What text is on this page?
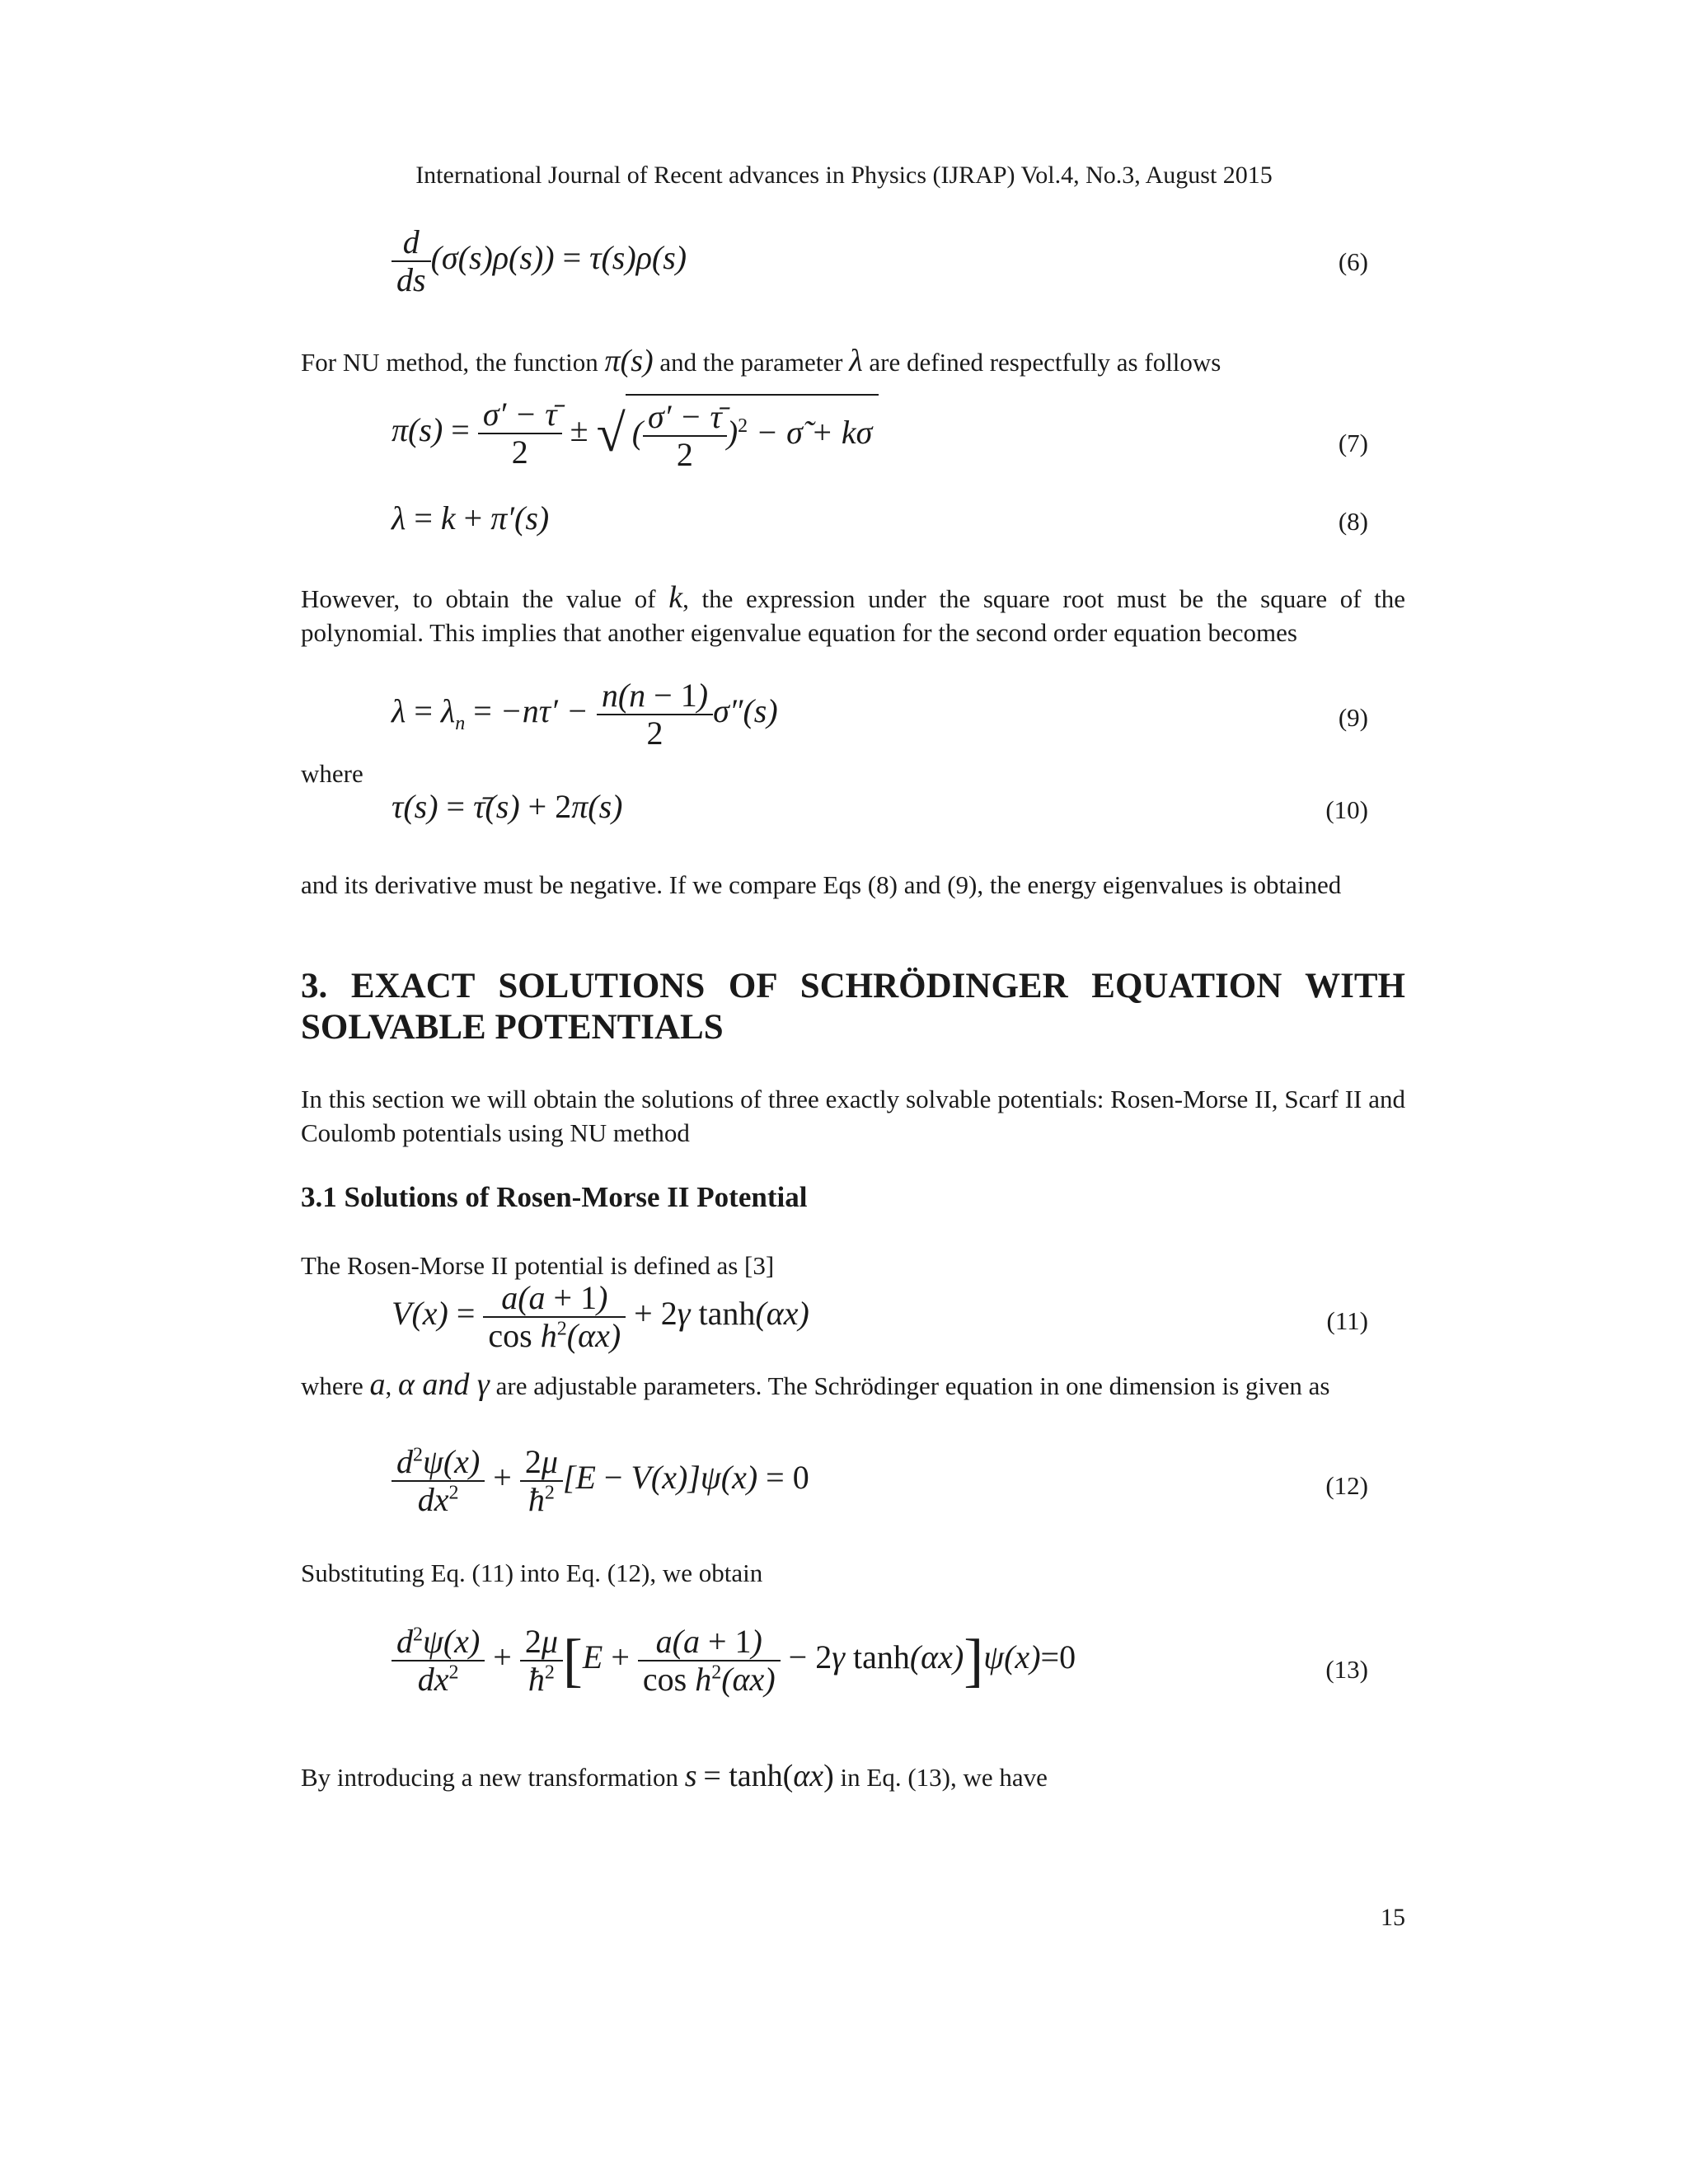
International Journal of Recent advances in Physics (IJRAP) Vol.4, No.3, August 2015
$\frac{d}{ds} (\sigma(s)\rho(s)) = \tau(s)\rho(s)$	(6)
For NU method, the function π(s) and the parameter λ are defined respectfully as follows
$\pi(s) = \frac{\sigma' - \taū}{2}$ ± √ ( $\frac{\sigma' - \taū}{2} )^2$ − σ̃ + kσ	(7)
λ = k + π′(s)	(8)
However, to obtain the value of k, the expression under the square root must be the square of the polynomial. This implies that another eigenvalue equation for the second order equation becomes
$\lambda = \lambda_n = -n\tau' - \frac{n(n - 1)}{2} \sigma''(s)$	(9)
where
τ(s) = τ̄(s) + 2π(s)	(10)
and its derivative must be negative. If we compare Eqs (8) and (9), the energy eigenvalues is obtained
3. EXACT SOLUTIONS OF SCHRÖDINGER EQUATION WITH SOLVABLE POTENTIALS
In this section we will obtain the solutions of three exactly solvable potentials: Rosen-Morse II, Scarf II and Coulomb potentials using NU method
3.1 Solutions of Rosen-Morse II Potential
The Rosen-Morse II potential is defined as [3]
$V(x) = \frac{a(a + 1)}{\cos h^2(\alpha x)} + 2\gamma$ tanh(αx)	(11)
where a, α and γ are adjustable parameters. The Schrödinger equation in one dimension is given as
$\frac{d^2\psi(x)}{dx^2} + \frac{2\mu}{ħ^2} [E - V(x)]\psi(x) = 0$	(12)
Substituting Eq. (11) into Eq. (12), we obtain
$\frac{d^2\psi(x)}{dx^2} + \frac{2\mu}{ħ^2} [E + \frac{a(a + 1)}{\cos h^2(\alpha x)} - 2\gamma$ tanh(αx)]ψ(x)=0	(13)
By introducing a new transformation s = tanh(αx) in Eq. (13), we have
15
